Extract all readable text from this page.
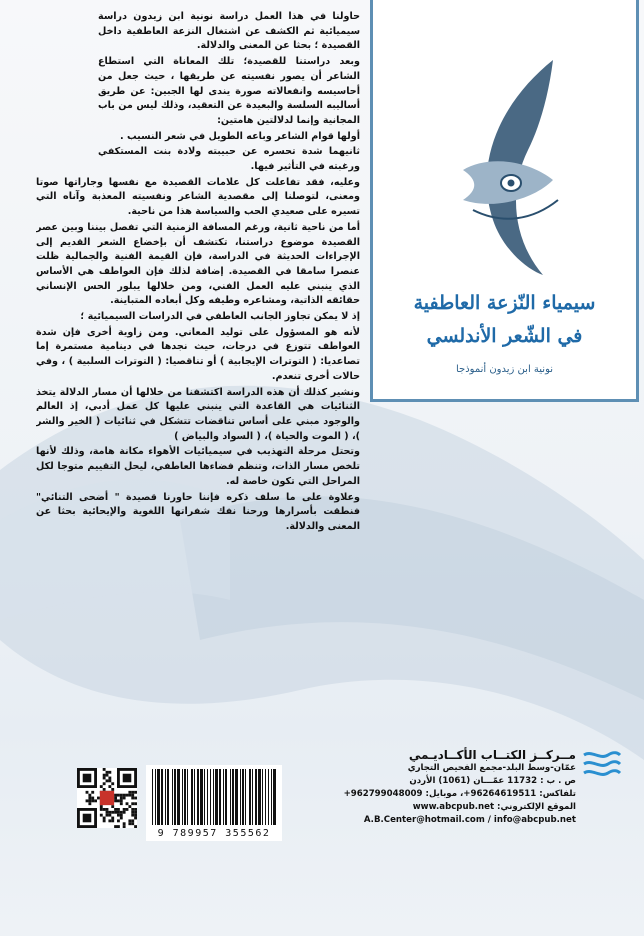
سيمياء النّزعة العاطفية
في الشّعر الأندلسي
نونية ابن زيدون أنموذجا

حاولنا في هذا العمل دراسة نونية ابن زيدون دراسة سيميائية ثم الكشف عن اشتغال النزعة العاطفية داخل القصيدة ؛ بحثا عن المعنى والدلالة.

وبعد دراستنا للقصيدة؛ تلك المعاناة التي استطاع الشاعر أن يصور نفسيته عن طريقها ، حيث جعل من أحاسيسه وانفعالاته صورة يندى لها الجبين: عن طريق أساليبه السلسة والبعيدة عن التعقيد، وذلك ليس من باب المجانية وإنما لدلالتين هامتين:

أولها قوام الشاعر وباعه الطويل في شعر النسيب .

ثانيهما شدة تحسره عن حبيبته ولادة بنت المستكفي ورغبته في التأثير فيها.

وعليه، فقد تفاعلت كل علامات القصيدة مع نفسها وجاراتها صوتا ومعنى، لتوصلنا إلى مقصدية الشاعر ونفسيته المعذبة وآناه التي تسيره على صعيدي الحب والسياسة هذا من ناحية.

أما من ناحية ثانية، ورغم المسافة الزمنية التي تفصل بيننا وبين عصر القصيدة موضوع دراستنا، تكتشف أن بإخضاع الشعر القديم إلى الإجراءات الحديثة في الدراسة، فإن القيمة الفنية والجمالية ظلت عنصرا سامقا في القصيدة. إضافة لذلك فإن العواطف هي الأساس الذي ينبني عليه العمل الفني، ومن خلالها يبلور الحس الإنساني حقائقه الذاتية، ومشاعره وطيفه وكل أبعاده المتباينة.

إذ لا يمكن تجاوز الجانب العاطفي في الدراسات السيميائية ؛

لأنه هو المسؤول على توليد المعاني. ومن زاوية أخرى فإن شدة العواطف تتوزع في درجات، حيث نجدها في دينامية مستمرة إما تصاعديا: ( التوترات الإيجابية ) أو تناقصيا: ( التوترات السلبية ) ، وفي حالات أخرى تنعدم.

ونشير كذلك أن هذه الدراسة اكتشفنا من خلالها أن مسار الدلالة يتخذ الثنائيات هي القاعدة التي ينبني عليها كل عمل أدبي، إذ العالم والوجود مبني على أساس تناقضات تتشكل في ثنائيات ( الخير والشر )، ( الموت والحياة )، ( السواد والبياض )

وتحتل مرحلة التهذيب في سيميائيات الأهواء مكانة هامة، وذلك لأنها تلخص مسار الذات، وتنظم فضاءها العاطفي، ليحل التقييم متوجا لكل المراحل التي تكون خاصة له.

وعلاوة على ما سلف ذكره فإننا حاورنا قصيدة " أضحى التنائي" فنطقت بأسرارها ورحنا نفك شفراتها اللغوية والإيحائية بحثا عن المعنى والدلالة.

مــركــز الكتــاب الأكــاديـمي
عمّان-وسط البلد-مجمع الفحيص التجاري
ص . ب : 11732 عمّـــان (1061) الأردن
تلفاكس: 96264619511+، موبايل: 962799048009+
الموقع الإلكتروني: www.abcpub.net
A.B.Center@hotmail.com / info@abcpub.net
9 789957 355562
